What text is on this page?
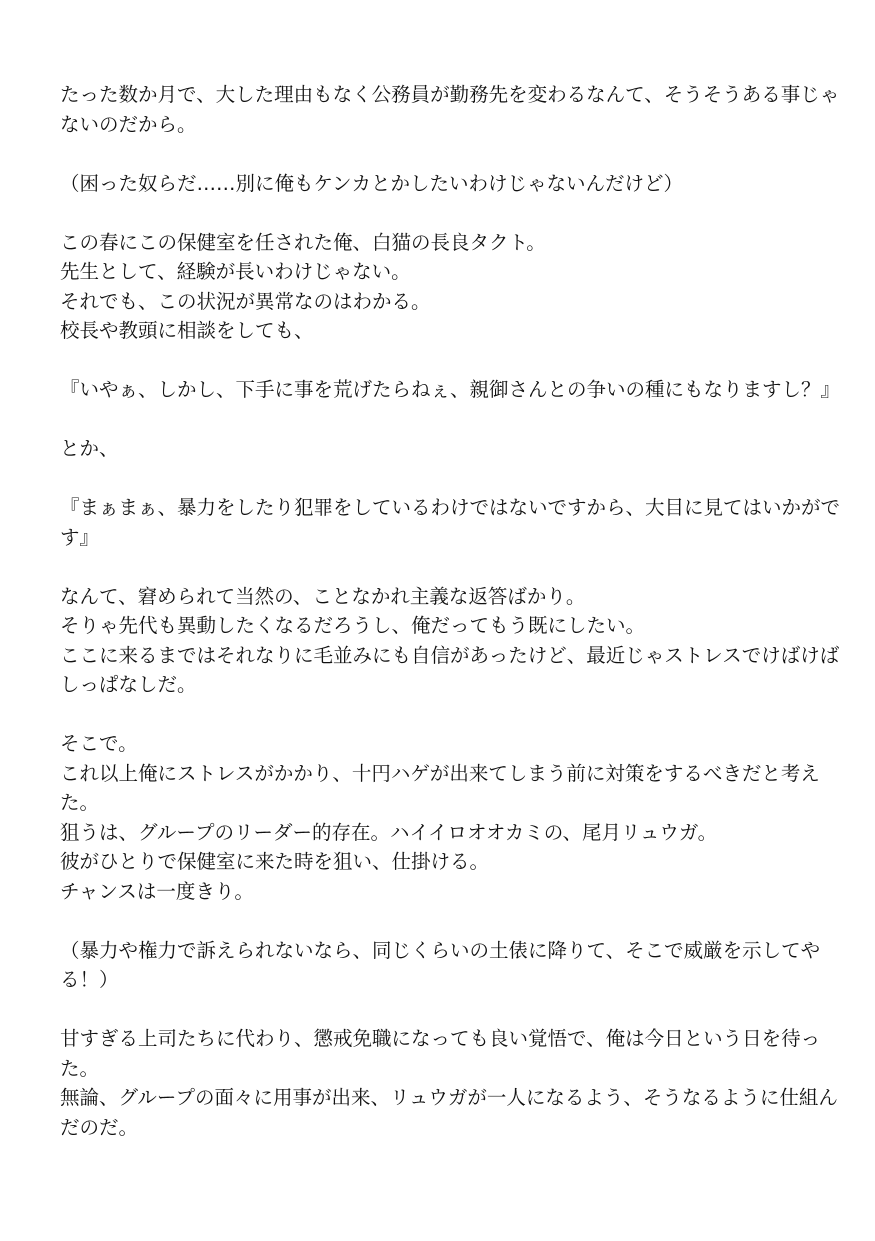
たった数か月で、大した理由もなく公務員が勤務先を変わるなんて、そうそうある事じゃ
ないのだから。
（困った奴らだ……別に俺もケンカとかしたいわけじゃないんだけど）
この春にこの保健室を任された俺、白猫の長良タクト。
先生として、経験が長いわけじゃない。
それでも、この状況が異常なのはわかる。
校長や教頭に相談をしても、
『いやぁ、しかし、下手に事を荒げたらねぇ、親御さんとの争いの種にもなりますし？』
とか、
『まぁまぁ、暴力をしたり犯罪をしているわけではないですから、大目に見てはいかがで
す』
なんて、窘められて当然の、ことなかれ主義な返答ばかり。
そりゃ先代も異動したくなるだろうし、俺だってもう既にしたい。
ここに来るまではそれなりに毛並みにも自信があったけど、最近じゃストレスでけばけば
しっぱなしだ。
そこで。
これ以上俺にストレスがかかり、十円ハゲが出来てしまう前に対策をするべきだと考え
た。
狙うは、グループのリーダー的存在。ハイイロオオカミの、尾月リュウガ。
彼がひとりで保健室に来た時を狙い、仕掛ける。
チャンスは一度きり。
（暴力や権力で訴えられないなら、同じくらいの土俵に降りて、そこで威厳を示してや
る！）
甘すぎる上司たちに代わり、懲戒免職になっても良い覚悟で、俺は今日という日を待っ
た。
無論、グループの面々に用事が出来、リュウガが一人になるよう、そうなるように仕組ん
だのだ。
